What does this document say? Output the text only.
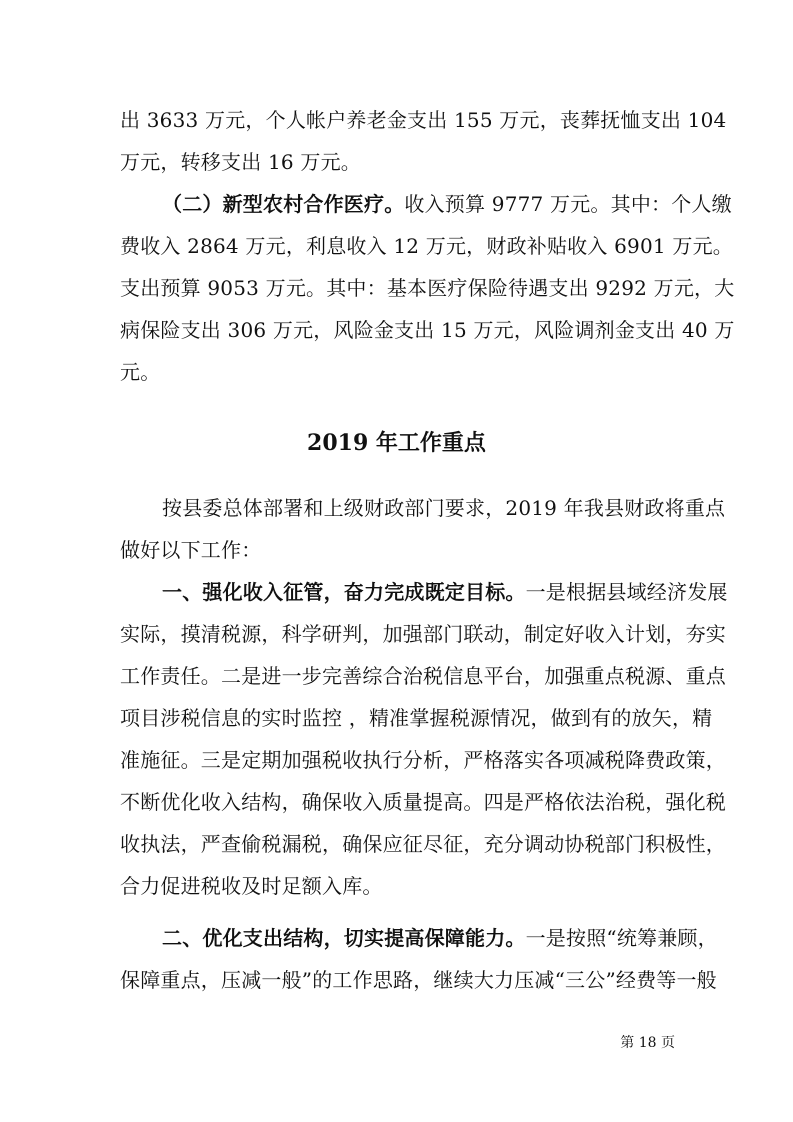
出 3633 万元，个人帐户养老金支出 155 万元，丧葬抚恤支出 104
万元，转移支出 16 万元。
（二）新型农村合作医疗。收入预算 9777 万元。其中：个人缴
费收入 2864 万元，利息收入 12 万元，财政补贴收入 6901 万元。
支出预算 9053 万元。其中：基本医疗保险待遇支出 9292 万元，大
病保险支出 306 万元，风险金支出 15 万元，风险调剂金支出 40 万
元。
2019 年工作重点
按县委总体部署和上级财政部门要求，2019 年我县财政将重点
做好以下工作：
一、强化收入征管，奋力完成既定目标。一是根据县域经济发展
实际，摸清税源，科学研判，加强部门联动，制定好收入计划，夯实
工作责任。二是进一步完善综合治税信息平台，加强重点税源、重点
项目涉税信息的实时监控 ，精准掌握税源情况，做到有的放矢，精
准施征。三是定期加强税收执行分析，严格落实各项减税降费政策，
不断优化收入结构，确保收入质量提高。四是严格依法治税，强化税
收执法，严查偷税漏税，确保应征尽征，充分调动协税部门积极性，
合力促进税收及时足额入库。
二、优化支出结构，切实提高保障能力。一是按照“统筹兼顾，
保障重点，压减一般”的工作思路，继续大力压减“三公”经费等一般
第 18 页
